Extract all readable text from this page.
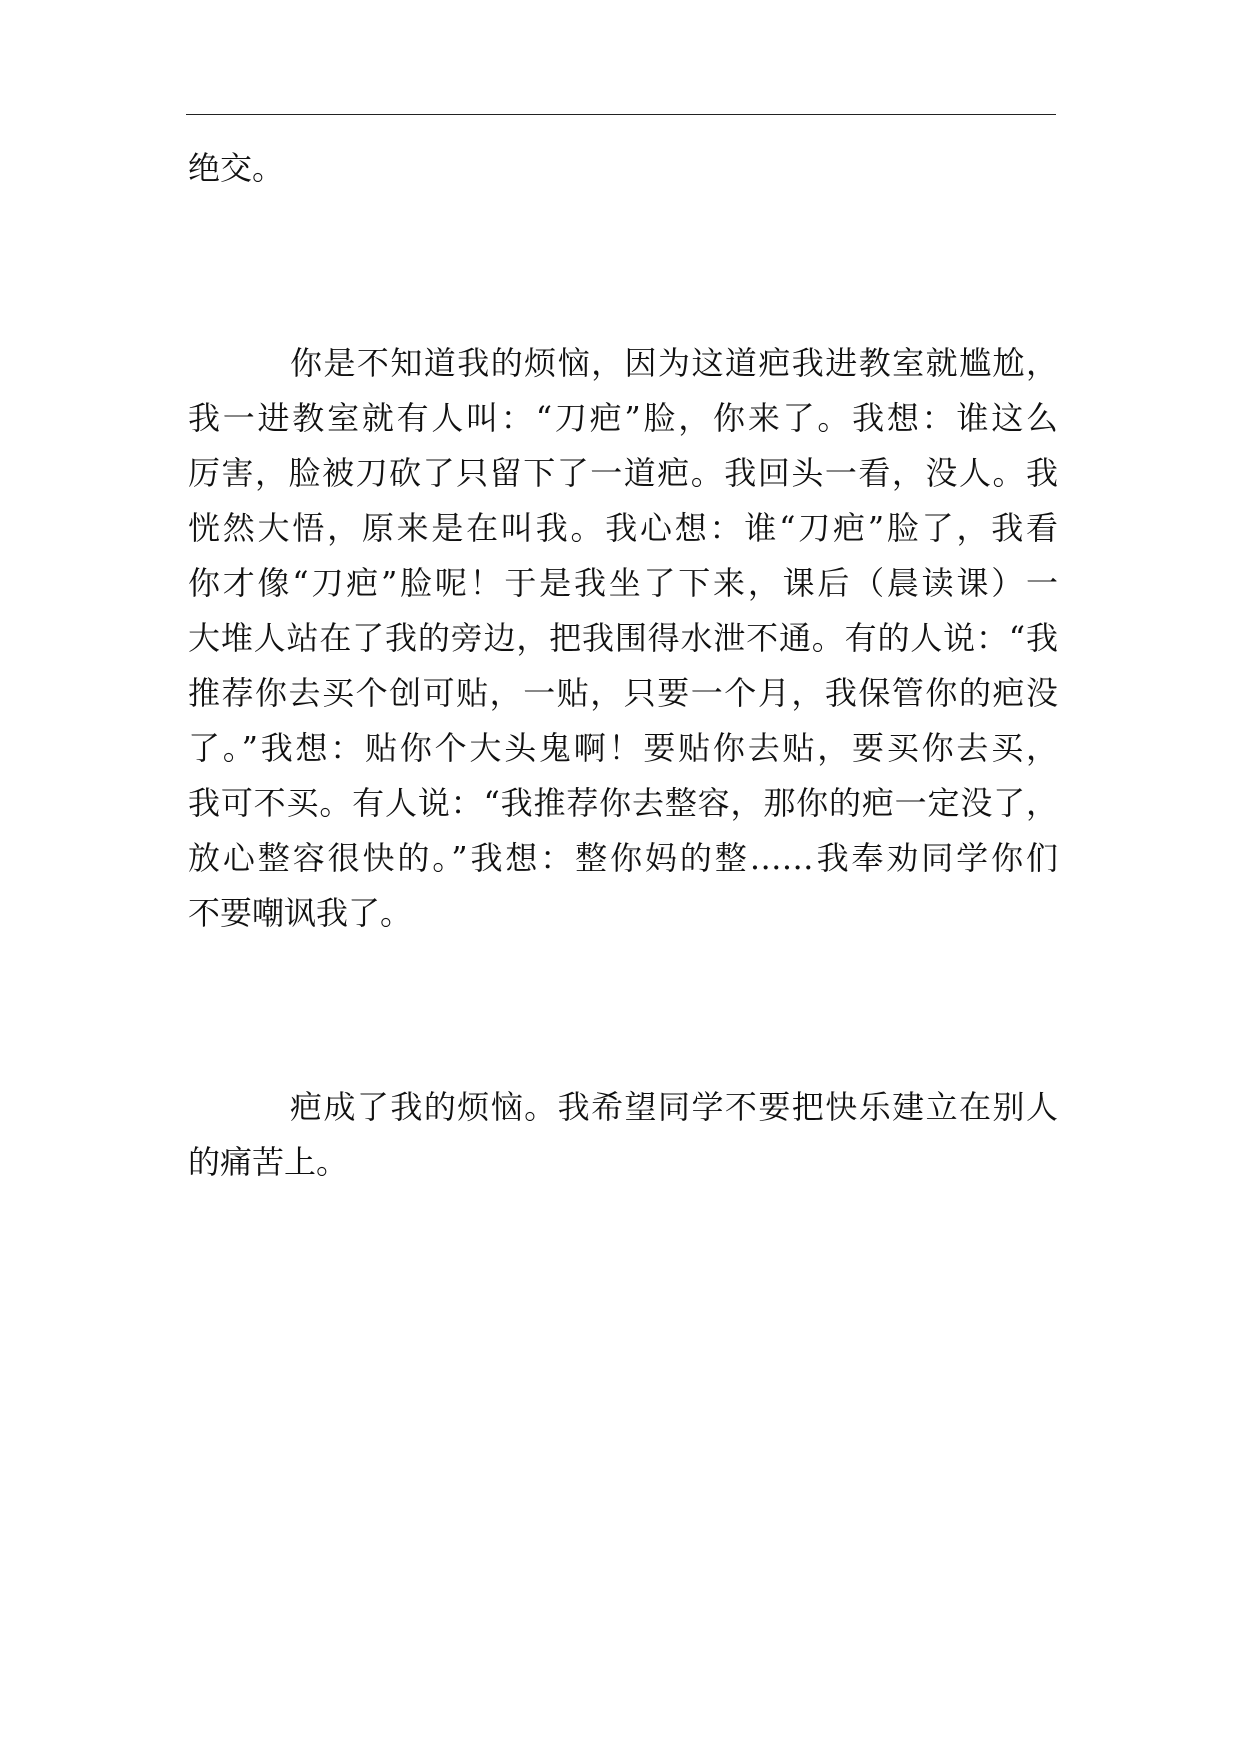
绝交。
你是不知道我的烦恼，因为这道疤我进教室就尴尬，
我一进教室就有人叫：“刀疤”脸，你来了。我想：谁这么
厉害，脸被刀砍了只留下了一道疤。我回头一看，没人。我
恍然大悟，原来是在叫我。我心想：谁“刀疤”脸了，我看
你才像“刀疤”脸呢！于是我坐了下来，课后（晨读课）一
大堆人站在了我的旁边，把我围得水泄不通。有的人说：“我
推荐你去买个创可贴，一贴，只要一个月，我保管你的疤没
了。”我想：贴你个大头鬼啊！要贴你去贴，要买你去买，
我可不买。有人说：“我推荐你去整容，那你的疤一定没了，
放心整容很快的。”我想：整你妈的整……我奉劝同学你们
不要嘲讽我了。
疤成了我的烦恼。我希望同学不要把快乐建立在别人
的痛苦上。
